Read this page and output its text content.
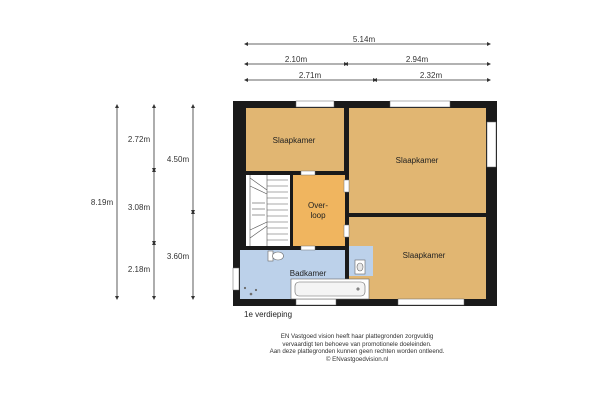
5.14m
2.10m	2.94m
2.71m	2.32m
8.19m
2.72m
3.08m
2.18m
4.50m
3.60m
Slaapkamer
Slaapkamer
Slaapkamer
Over-
loop
Badkamer
1e verdieping
EN Vastgoed vision heeft haar plattegronden zorgvuldig
vervaardigt ten behoeve van promotionele doeleinden.
Aan deze plattegronden kunnen geen rechten worden ontleend.
© ENvastgoedvision.nl
